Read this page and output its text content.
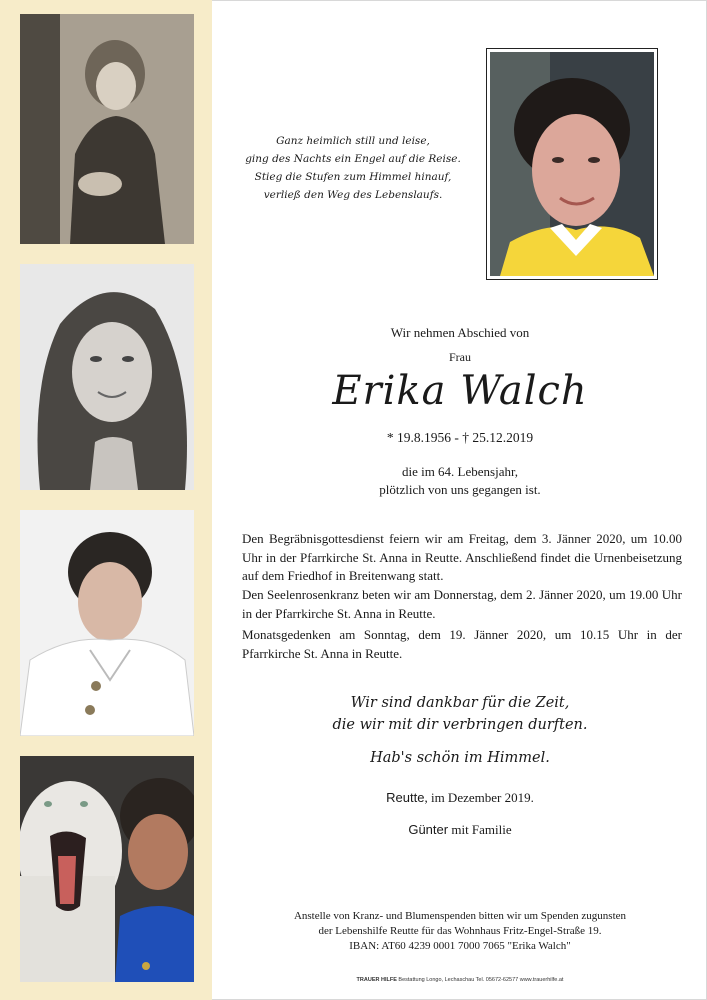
Ganz heimlich still und leise,
ging des Nachts ein Engel auf die Reise.
Stieg die Stufen zum Himmel hinauf,
verließ den Weg des Lebenslaufs.
Wir nehmen Abschied von
Frau
Erika Walch
* 19.8.1956 - † 25.12.2019
die im 64. Lebensjahr,
plötzlich von uns gegangen ist.
Den Begräbnisgottesdienst feiern wir am Freitag, dem 3. Jänner 2020, um 10.00 Uhr in der Pfarrkirche St. Anna in Reutte. Anschließend findet die Urnenbeisetzung auf dem Friedhof in Breitenwang statt.
Den Seelenrosenkranz beten wir am Donnerstag, dem 2. Jänner 2020, um 19.00 Uhr in der Pfarrkirche St. Anna in Reutte.
Monatsgedenken am Sonntag, dem 19. Jänner 2020, um 10.15 Uhr in der Pfarrkirche St. Anna in Reutte.
Wir sind dankbar für die Zeit,
die wir mit dir verbringen durften.
Hab's schön im Himmel.
Reutte, im Dezember 2019.
Günter mit Familie
Anstelle von Kranz- und Blumenspenden bitten wir um Spenden zugunsten
der Lebenshilfe Reutte für das Wohnhaus Fritz-Engel-Straße 19.
IBAN: AT60 4239 0001 7000 7065 "Erika Walch"
TRAUER HILFE Bestattung Longo, Lechaschau Tel. 05672-62577 www.trauerhilfe.at
